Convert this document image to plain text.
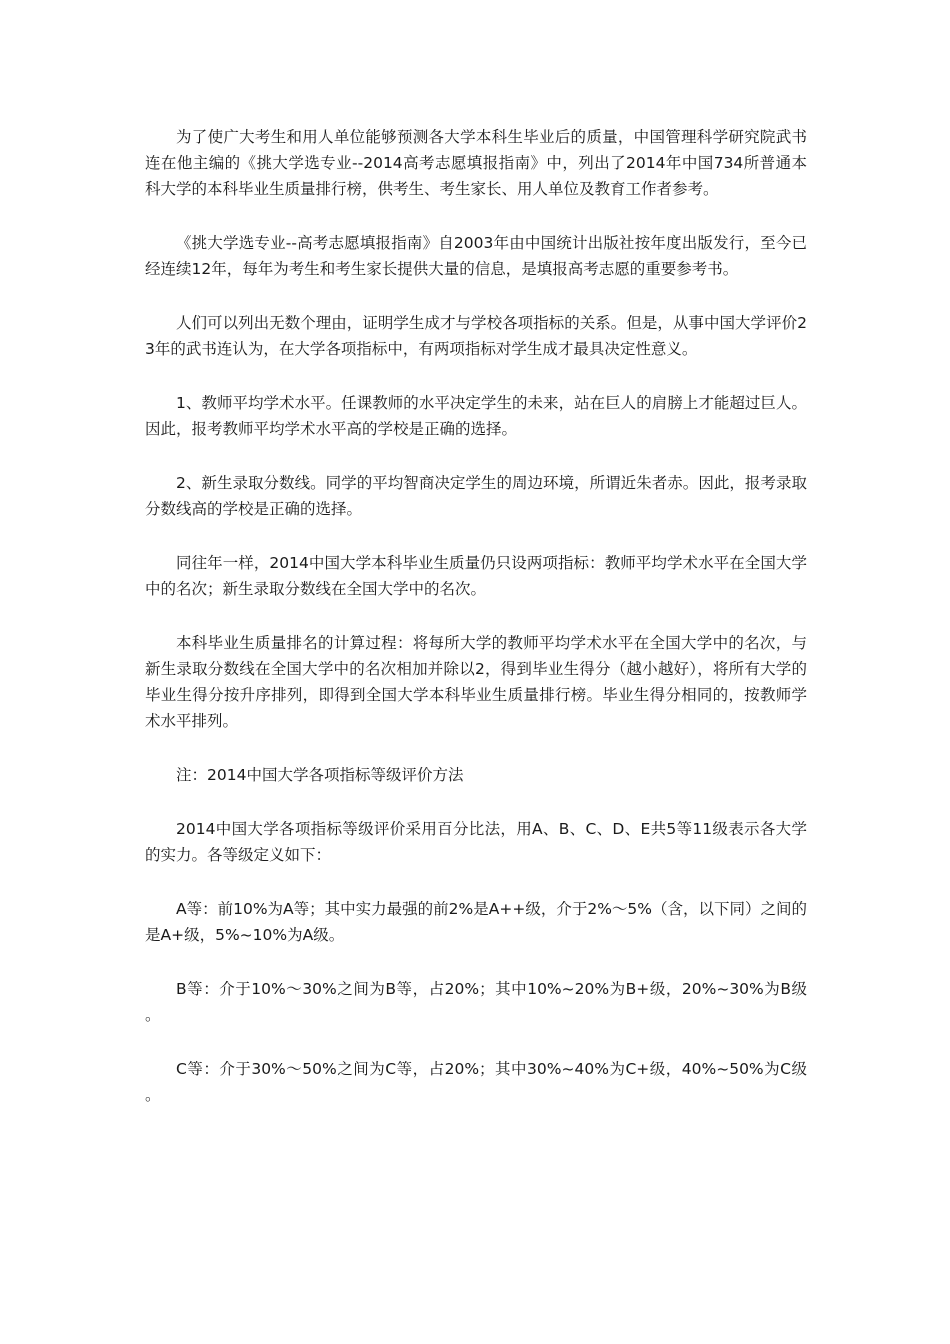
为了使广大考生和用人单位能够预测各大学本科生毕业后的质量，中国管理科学研究院武书连在他主编的《挑大学选专业--2014高考志愿填报指南》中，列出了2014年中国734所普通本科大学的本科毕业生质量排行榜，供考生、考生家长、用人单位及教育工作者参考。

《挑大学选专业--高考志愿填报指南》自2003年由中国统计出版社按年度出版发行，至今已经连续12年，每年为考生和考生家长提供大量的信息，是填报高考志愿的重要参考书。

人们可以列出无数个理由，证明学生成才与学校各项指标的关系。但是，从事中国大学评价23年的武书连认为，在大学各项指标中，有两项指标对学生成才最具决定性意义。

1、教师平均学术水平。任课教师的水平决定学生的未来，站在巨人的肩膀上才能超过巨人。因此，报考教师平均学术水平高的学校是正确的选择。

2、新生录取分数线。同学的平均智商决定学生的周边环境，所谓近朱者赤。因此，报考录取分数线高的学校是正确的选择。

同往年一样，2014中国大学本科毕业生质量仍只设两项指标：教师平均学术水平在全国大学中的名次；新生录取分数线在全国大学中的名次。

本科毕业生质量排名的计算过程：将每所大学的教师平均学术水平在全国大学中的名次，与新生录取分数线在全国大学中的名次相加并除以2，得到毕业生得分（越小越好），将所有大学的毕业生得分按升序排列，即得到全国大学本科毕业生质量排行榜。毕业生得分相同的，按教师学术水平排列。

注：2014中国大学各项指标等级评价方法

2014中国大学各项指标等级评价采用百分比法，用A、B、C、D、E共5等11级表示各大学的实力。各等级定义如下：

A等：前10%为A等；其中实力最强的前2%是A++级，介于2%～5%（含，以下同）之间的是A+级，5%~10%为A级。

B等：介于10%～30%之间为B等，占20%；其中10%~20%为B+级，20%~30%为B级。

C等：介于30%～50%之间为C等，占20%；其中30%~40%为C+级，40%~50%为C级。
